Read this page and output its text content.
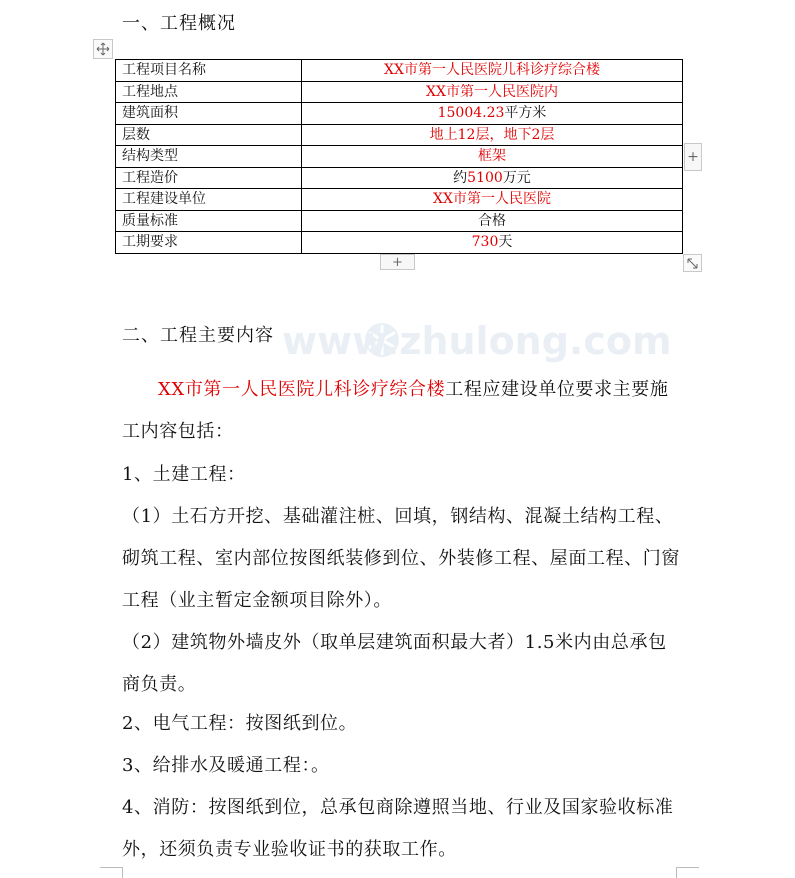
一、工程概况
工程项目名称	XX市第一人民医院儿科诊疗综合楼
工程地点	XX市第一人民医院内
建筑面积	15004.23平方米
层数	地上12层，地下2层
结构类型	框架
工程造价	约5100万元
工程建设单位	XX市第一人民医院
质量标准	合格
工期要求	730天
+
+
www.zhulong.com
二、工程主要内容
XX市第一人民医院儿科诊疗综合楼工程应建设单位要求主要施工内容包括：
1、土建工程：
（1）土石方开挖、基础灌注桩、回填，钢结构、混凝土结构工程、砌筑工程、室内部位按图纸装修到位、外装修工程、屋面工程、门窗工程（业主暂定金额项目除外）。
（2）建筑物外墙皮外（取单层建筑面积最大者）1.5米内由总承包商负责。
2、电气工程：按图纸到位。
3、给排水及暖通工程：。
4、消防：按图纸到位，总承包商除遵照当地、行业及国家验收标准外，还须负责专业验收证书的获取工作。
